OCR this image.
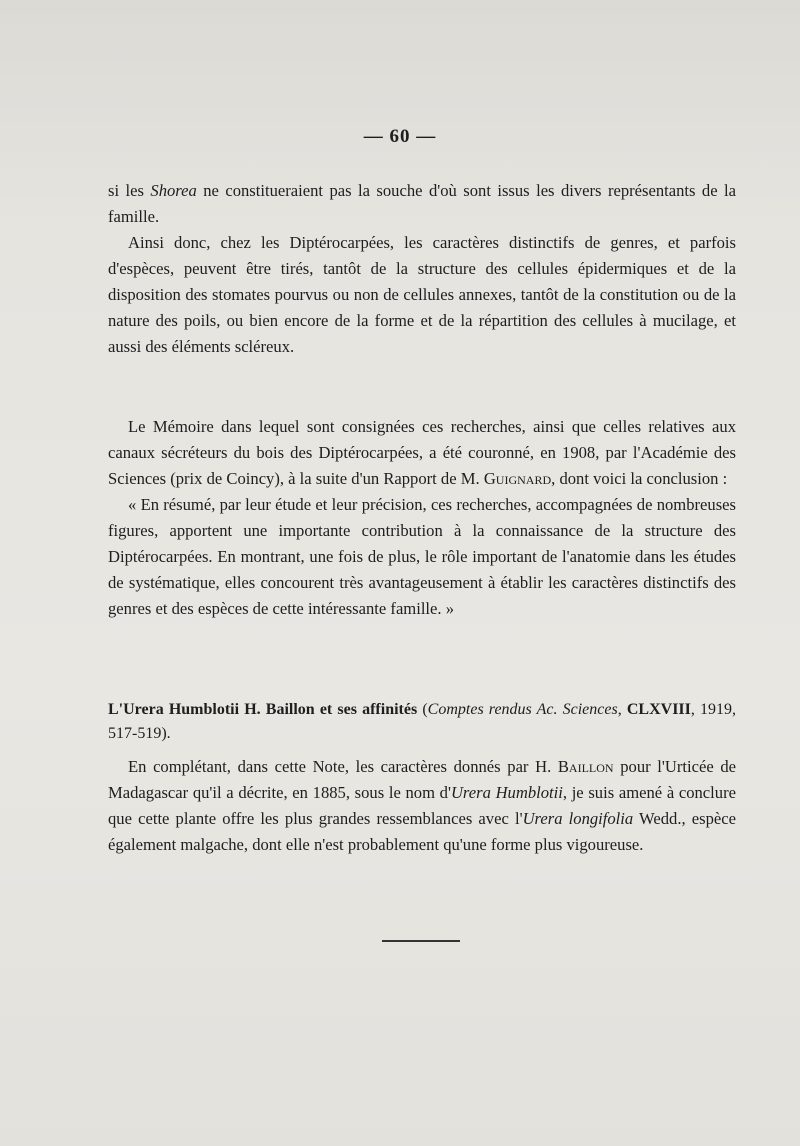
— 60 —

si les Shorea ne constitueraient pas la souche d'où sont issus les divers représentants de la famille.

Ainsi donc, chez les Diptérocarpées, les caractères distinctifs de genres, et parfois d'espèces, peuvent être tirés, tantôt de la structure des cellules épidermiques et de la disposition des stomates pourvus ou non de cellules annexes, tantôt de la constitution ou de la nature des poils, ou bien encore de la forme et de la répartition des cellules à mucilage, et aussi des éléments scléreux.

Le Mémoire dans lequel sont consignées ces recherches, ainsi que celles relatives aux canaux sécréteurs du bois des Diptérocarpées, a été couronné, en 1908, par l'Académie des Sciences (prix de Coincy), à la suite d'un Rapport de M. Guignard, dont voici la conclusion :

« En résumé, par leur étude et leur précision, ces recherches, accompagnées de nombreuses figures, apportent une importante contribution à la connaissance de la structure des Diptérocarpées. En montrant, une fois de plus, le rôle important de l'anatomie dans les études de systématique, elles concourent très avantageusement à établir les caractères distinctifs des genres et des espèces de cette intéressante famille. »

L'Urera Humblotii H. Baillon et ses affinités (Comptes rendus Ac. Sciences, CLXVIII, 1919, 517-519).

En complétant, dans cette Note, les caractères donnés par H. Baillon pour l'Urticée de Madagascar qu'il a décrite, en 1885, sous le nom d'Urera Humblotii, je suis amené à conclure que cette plante offre les plus grandes ressemblances avec l'Urera longifolia Wedd., espèce également malgache, dont elle n'est probablement qu'une forme plus vigoureuse.
